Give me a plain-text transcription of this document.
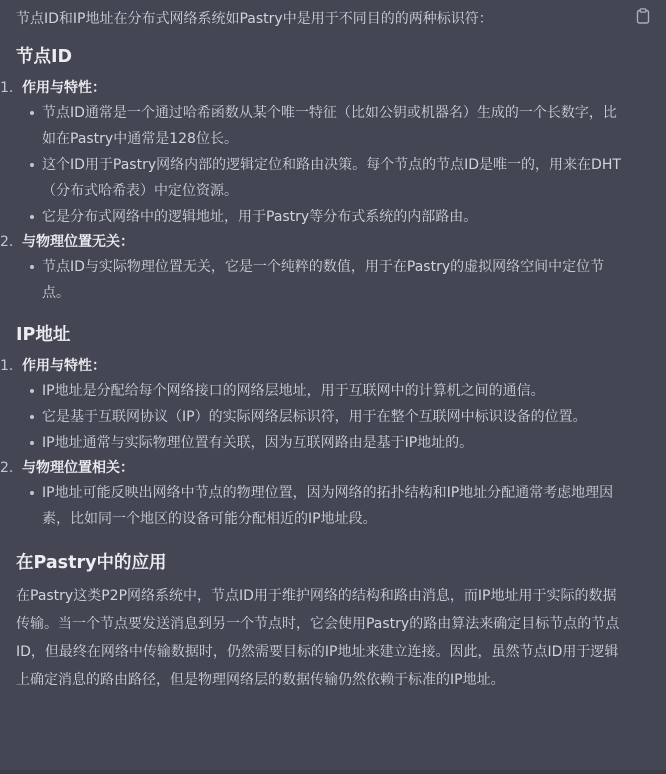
节点ID和IP地址在分布式网络系统如Pastry中是用于不同目的的两种标识符：

节点ID
1. 作用与特性：
节点ID通常是一个通过哈希函数从某个唯一特征（比如公钥或机器名）生成的一个长数字，比如在Pastry中通常是128位长。
这个ID用于Pastry网络内部的逻辑定位和路由决策。每个节点的节点ID是唯一的，用来在DHT（分布式哈希表）中定位资源。
它是分布式网络中的逻辑地址，用于Pastry等分布式系统的内部路由。
2. 与物理位置无关：
节点ID与实际物理位置无关，它是一个纯粹的数值，用于在Pastry的虚拟网络空间中定位节点。
IP地址
1. 作用与特性：
IP地址是分配给每个网络接口的网络层地址，用于互联网中的计算机之间的通信。
它是基于互联网协议（IP）的实际网络层标识符，用于在整个互联网中标识设备的位置。
IP地址通常与实际物理位置有关联，因为互联网路由是基于IP地址的。
2. 与物理位置相关：
IP地址可能反映出网络中节点的物理位置，因为网络的拓扑结构和IP地址分配通常考虑地理因素，比如同一个地区的设备可能分配相近的IP地址段。
在Pastry中的应用

在Pastry这类P2P网络系统中，节点ID用于维护网络的结构和路由消息，而IP地址用于实际的数据传输。当一个节点要发送消息到另一个节点时，它会使用Pastry的路由算法来确定目标节点的节点ID，但最终在网络中传输数据时，仍然需要目标的IP地址来建立连接。因此，虽然节点ID用于逻辑上确定消息的路由路径，但是物理网络层的数据传输仍然依赖于标准的IP地址。
